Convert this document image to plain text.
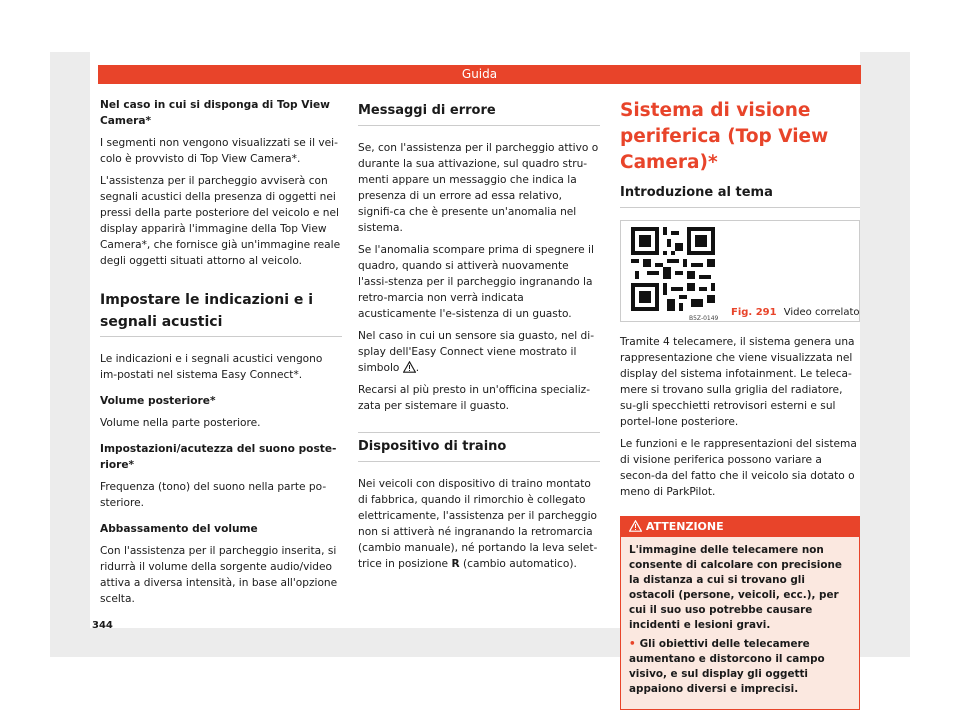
Guida

Nel caso in cui si disponga di Top View Camera*

I segmenti non vengono visualizzati se il vei-colo è provvisto di Top View Camera*.

L'assistenza per il parcheggio avviserà con segnali acustici della presenza di oggetti nei pressi della parte posteriore del veicolo e nel display apparirà l'immagine della Top View Camera*, che fornisce già un'immagine reale degli oggetti situati attorno al veicolo.

Impostare le indicazioni e i segnali acustici

Le indicazioni e i segnali acustici vengono im-postati nel sistema Easy Connect*.

Volume posteriore*

Volume nella parte posteriore.

Impostazioni/acutezza del suono poste-riore*

Frequenza (tono) del suono nella parte po-steriore.

Abbassamento del volume

Con l'assistenza per il parcheggio inserita, si ridurrà il volume della sorgente audio/video attiva a diversa intensità, in base all'opzione scelta.

Messaggi di errore

Se, con l'assistenza per il parcheggio attivo o durante la sua attivazione, sul quadro stru-menti appare un messaggio che indica la presenza di un errore ad essa relativo, signifi-ca che è presente un'anomalia nel sistema.

Se l'anomalia scompare prima di spegnere il quadro, quando si attiverà nuovamente l'assi-stenza per il parcheggio ingranando la retro-marcia non verrà indicata acusticamente l'e-sistenza di un guasto.

Nel caso in cui un sensore sia guasto, nel di-splay dell'Easy Connect viene mostrato il simbolo .

Recarsi al più presto in un'officina specializ-zata per sistemare il guasto.

Dispositivo di traino

Nei veicoli con dispositivo di traino montato di fabbrica, quando il rimorchio è collegato elettricamente, l'assistenza per il parcheggio non si attiverà né ingranando la retromarcia (cambio manuale), né portando la leva selet-trice in posizione R (cambio automatico).

Sistema di visione periferica (Top View Camera)*
Introduzione al tema
B5Z-0149
Fig. 291 Video correlato

Tramite 4 telecamere, il sistema genera una rappresentazione che viene visualizzata nel display del sistema infotainment. Le teleca-mere si trovano sulla griglia del radiatore, su-gli specchietti retrovisori esterni e sul portel-lone posteriore.

Le funzioni e le rappresentazioni del sistema di visione periferica possono variare a secon-da del fatto che il veicolo sia dotato o meno di ParkPilot.

ATTENZIONE

L'immagine delle telecamere non consente di calcolare con precisione la distanza a cui si trovano gli ostacoli (persone, veicoli, ecc.), per cui il suo uso potrebbe causare incidenti e lesioni gravi.

• Gli obiettivi delle telecamere aumentano e distorcono il campo visivo, e sul display gli oggetti appaiono diversi e imprecisi.

344
